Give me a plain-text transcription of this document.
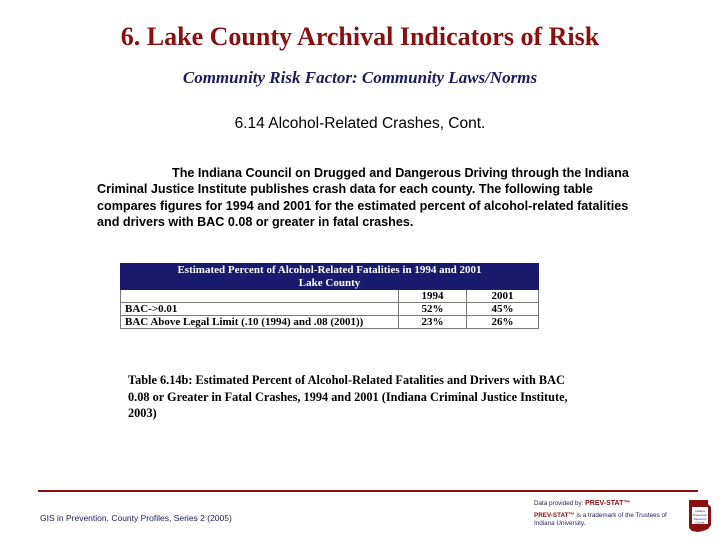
6. Lake County Archival Indicators of Risk
Community Risk Factor: Community Laws/Norms
6.14 Alcohol-Related Crashes, Cont.
The Indiana Council on Drugged and Dangerous Driving through the Indiana Criminal Justice Institute publishes crash data for each county. The following table compares figures for 1994 and 2001 for the estimated percent of alcohol-related fatalities and drivers with BAC 0.08 or greater in fatal crashes.
Estimated Percent of Alcohol-Related Fatalities in 1994 and 2001		
Lake County		
	1994	2001
BAC->0.01	52%	45%
BAC Above Legal Limit (.10 (1994) and .08 (2001))	23%	26%
Table 6.14b: Estimated Percent of Alcohol-Related Fatalities and Drivers with BAC 0.08 or Greater in Fatal Crashes, 1994 and 2001 (Indiana Criminal Justice Institute, 2003)
GIS in Prevention, County Profiles, Series 2 (2005)
Data provided by: PREV-STAT™
PREV-STAT™ is a trademark of the Trustees of Indiana University.
Indiana
Prevention
Resource
Center
